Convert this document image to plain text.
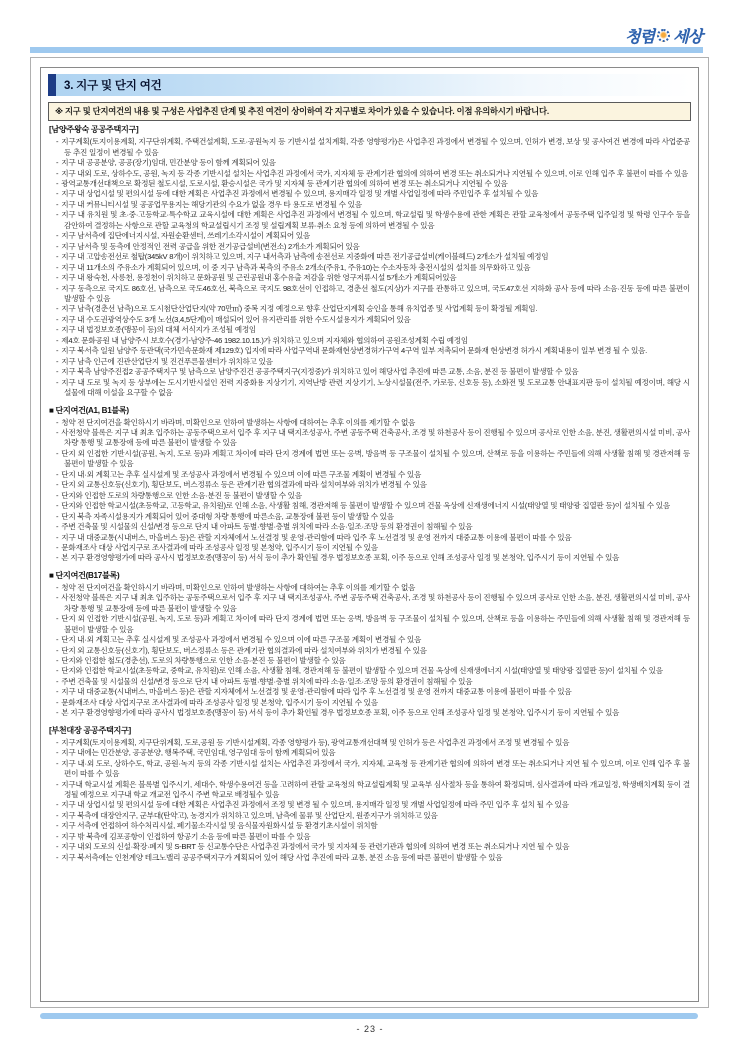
청렴 세상
3. 지구 및 단지 여건
※ 지구 및 단지여건의 내용 및 구성은 사업추진 단계 및 추진 여건이 상이하여 각 지구별로 차이가 있을 수 있습니다. 이점 유의하시기 바랍니다.
[남양주왕숙 공공주택지구]
- 지구계획(토지이용계획, 지구단위계획, 주택건설계획, 도로·공원녹지 등 기반시설 설치계획, 각종 영향평가)은 사업추진 과정에서 변경될 수 있으며, 인허가 변경, 보상 및 공사여건 변경에 따라 사업준공 등 추진 일정이 변경될 수 있음
- 지구 내 공공분양, 공공(장기)임대, 민간분양 등이 함께 계획되어 있음
- 지구 내외 도로, 상하수도, 공원, 녹지 등 각종 기반시설 설치는 사업추진 과정에서 국가, 지자체 등 관계기관 협의에 의하여 변경 또는 취소되거나 지연될 수 있으며, 이로 인해 입주 후 불편이 따를 수 있음
- 광역교통개선대책으로 확정된 철도시설, 도로시설, 환승시설은 국가 및 지자체 등 관계기관 협의에 의하여 변경 또는 취소되거나 지연될 수 있음
- 지구 내 상업시설 및 편의시설 등에 대한 계획은 사업추진 과정에서 변경될 수 있으며, 용지매각 일정 및 개별 사업일정에 따라 주민입주 후 설치될 수 있음
- 지구 내 커뮤니티시설 및 공공업무용지는 해당기관의 수요가 없을 경우 타 용도로 변경될 수 있음
- 지구 내 유치원 및 초·중·고등학교·특수학교 교육시설에 대한 계획은 사업추진 과정에서 변경될 수 있으며, 학교설립 및 학생수용에 관한 계획은 관할 교육청에서 공동주택 입주일정 및 학령 인구수 등을 감안하여 결정하는 사항으로 관할 교육청의 학교설립시기 조정 및 설립계획 보류·취소 요청 등에 의하여 변경될 수 있음
- 지구 남서측에 집단에너지시설, 자원순환센터, 쓰레기소각시설이 계획되어 있음
- 지구 남서측 및 동측에 안정적인 전력 공급을 위한 전기공급설비(변전소) 2개소가 계획되어 있음
- 지구 내 고압송전선로 철탑(345kV 8개)이 위치하고 있으며, 지구 내서측과 남측에 송전선로 지중화에 따른 전기공급설비(케이블헤드) 2개소가 설치될 예정임
- 지구 내 11개소의 주유소가 계획되어 있으며, 이 중 지구 남측과 북측의 주유소 2개소(주유1, 주유10)는 수소자동차 충전시설의 설치를 의무화하고 있음
- 지구 내 왕숙천, 사릉천, 용정천이 위치하고 문화공원 및 근린공원내 홍수유출 저감을 위한 영구저류시설 5개소가 계획되어있음
- 지구 동측으로 국지도 86호선, 남측으로 국도46호선, 북측으로 국지도 98호선이 인접하고, 경춘선 철도(지상)가 지구를 관통하고 있으며, 국도47호선 지하화 공사 등에 따라 소음·진동 등에 따른 불편이 발생할 수 있음
- 지구 남측(경춘선 남측)으로 도시첨단산업단지(약 70만㎡) 중복 지정 예정으로 향후 산업단지계획 승인을 통해 유치업종 및 사업계획 등이 확정될 계획임.
- 지구 내 수도권광역상수도 3개 노선(3,4,5단계)이 매설되어 있어 유지관리를 위한 수도시설용지가 계획되어 있음
- 지구 내 법정보호종(맹꽁이 등)의 대체 서식지가 조성될 예정임
- 제4호 문화공원 내 남양주시 보호수(경기-남양주-46 1982.10.15.)가 위치하고 있으며 지자체와 협의하여 공원조성계획 수립 예정임
- 지구 북서측 일원 남양주 동관댁(국가민속문화재 제129호) 입지에 따라 사업구역내 문화재현상변경허가구역 4구역 일부 저촉되어 문화재 현상변경 허가시 계획내용이 일부 변경 될 수 있음.
- 지구 남측 인근에 진관산업단지 및 진건푸른물센터가 위치하고 있음
- 지구 북측 남양주진접2 공공주택지구 및 남측으로 남양주진건 공공주택지구(지정중)가 위치하고 있어 해당사업 추진에 따른 교통, 소음, 분진 등 불편이 발생할 수 있음
- 지구 내 도로 및 녹지 등 상부에는 도시기반시설인 전력 지중화용 지상기기, 지역난방 관련 지상기기, 노상시설물(전주, 가로등, 신호등 등), 소화전 및 도로교통 안내표지판 등이 설치될 예정이며, 해당 시설물에 대해 이설을 요구할 수 없음
■ 단지여건(A1, B1블록)
- 청약 전 단지여건을 확인하시기 바라며, 미확인으로 인하여 발생하는 사항에 대하여는 추후 이의를 제기할 수 없음
- 사전청약 블록은 지구 내 최초 입주하는 공동주택으로서 입주 후 지구 내 택지조성공사, 주변 공동주택 건축공사, 조경 및 하천공사 등이 진행될 수 있으며 공사로 인한 소음, 분진, 생활편의시설 미비, 공사차량 통행 및 교통장애 등에 따른 불편이 발생할 수 있음
- 단지 외 인접한 기반시설(공원, 녹지, 도로 등)과 계획고 차이에 따라 단지 경계에 법면 또는 옹벽, 방음벽 등 구조물이 설치될 수 있으며, 산책로 등을 이용하는 주민들에 의해 사생활 침해 및 경관저해 등 불편이 발생할 수 있음
- 단지 내·외 계획고는 추후 실시설계 및 조성공사 과정에서 변경될 수 있으며 이에 따른 구조물 계획이 변경될 수 있음
- 단지 외 교통신호등(신호기), 횡단보도, 버스정류소 등은 관계기관 협의결과에 따라 설치여부와 위치가 변경될 수 있음
- 단지와 인접한 도로의 차량통행으로 인한 소음·분진 등 불편이 발생할 수 있음
- 단지와 인접한 학교시설(초등학교, 고등학교, 유치원)로 인해 소음, 사생활 침해, 경관저해 등 불편이 발생할 수 있으며 건물 옥상에 신재생에너지 시설(태양열 및 태양광 집열판 등)이 설치될 수 있음
- 단지 북측 자족시설용지가 계획되어 있어 중대형 차량 통행에 따른소음, 교통장애 불편 등이 발생할 수 있음
- 주변 건축물 및 시설물의 신설/변경 등으로 단지 내 아파트 동별·향별·층별 위치에 따라 소음·일조·조망 등의 환경권이 침해될 수 있음
- 지구 내 대중교통(시내버스, 마을버스 등)은 관할 지자체에서 노선결정 및 운영·관리함에 따라 입주 후 노선결정 및 운영 전까지 대중교통 이용에 불편이 따를 수 있음
- 문화재조사 대상 사업지구로 조사결과에 따라 조성공사 일정 및 본청약, 입주시기 등이 지연될 수 있음
- 본 지구 환경영향평가에 따라 공사시 법정보호종(맹꽁이 등) 서식 등이 추가 확인될 경우 법정보호종 포획, 이주 등으로 인해 조성공사 일정 및 본청약, 입주시기 등이 지연될 수 있음
■ 단지여건(B17블록)
- 청약 전 단지여건을 확인하시기 바라며, 미확인으로 인하여 발생하는 사항에 대하여는 추후 이의를 제기할 수 없음
- 사전청약 블록은 지구 내 최초 입주하는 공동주택으로서 입주 후 지구 내 택지조성공사, 주변 공동주택 건축공사, 조경 및 하천공사 등이 진행될 수 있으며 공사로 인한 소음, 분진, 생활편의시설 미비, 공사차량 통행 및 교통장애 등에 따른 불편이 발생할 수 있음
- 단지 외 인접한 기반시설(공원, 녹지, 도로 등)과 계획고 차이에 따라 단지 경계에 법면 또는 옹벽, 방음벽 등 구조물이 설치될 수 있으며, 산책로 등을 이용하는 주민들에 의해 사생활 침해 및 경관저해 등 불편이 발생할 수 있음
- 단지 내·외 계획고는 추후 실시설계 및 조성공사 과정에서 변경될 수 있으며 이에 따른 구조물 계획이 변경될 수 있음
- 단지 외 교통신호등(신호기), 횡단보도, 버스정류소 등은 관계기관 협의결과에 따라 설치여부와 위치가 변경될 수 있음
- 단지와 인접한 철도(경춘선), 도로의 차량통행으로 인한 소음·분진 등 불편이 발생할 수 있음
- 단지와 인접한 학교시설(초등학교, 중학교, 유치원)로 인해 소음, 사생활 침해, 경관저해 등 불편이 발생할 수 있으며 건물 옥상에 신재생에너지 시설(태양열 및 태양광 집열판 등)이 설치될 수 있음
- 주변 건축물 및 시설물의 신설/변경 등으로 단지 내 아파트 동별·향별·층별 위치에 따라 소음·일조·조망 등의 환경권이 침해될 수 있음
- 지구 내 대중교통(시내버스, 마을버스 등)은 관할 지자체에서 노선결정 및 운영·관리함에 따라 입주 후 노선결정 및 운영 전까지 대중교통 이용에 불편이 따를 수 있음
- 문화재조사 대상 사업지구로 조사결과에 따라 조성공사 일정 및 본청약, 입주시기 등이 지연될 수 있음
- 본 지구 환경영향평가에 따라 공사시 법정보호종(맹꽁이 등) 서식 등이 추가 확인될 경우 법정보호종 포획, 이주 등으로 인해 조성공사 일정 및 본청약, 입주시기 등이 지연될 수 있음
[부천대장 공공주택지구]
- 지구계획(토지이용계획, 지구단위계획, 도로,공원 등 기반시설계획, 각종 영향평가 등), 광역교통개선대책 및 인허가 등은 사업추진 과정에서 조정 및 변경될 수 있음
- 지구 내에는 민간분양, 공공분양, 행복주택, 국민임대, 영구임대 등이 함께 계획되어 있음
- 지구 내·외 도로, 상하수도, 학교, 공원·녹지 등의 각종 기반시설 설치는 사업추진 과정에서 국가, 지자체, 교육청 등 관계기관 협의에 의하여 변경 또는 취소되거나 지연 될 수 있으며, 이로 인해 입주 후 불편이 따를 수 있음
- 지구내 학교시설 계획은 블록별 입주시기, 세대수, 학생수용여건 등을 고려하여 관할 교육청의 학교설립계획 및 교육부 심사절차 등을 통하여 확정되며, 심사결과에 따라 개교일정, 학생배치계획 등이 결정될 예정으로 지구내 학교 개교전 입주시 주변 학교로 배정될수 있음
- 지구 내 상업시설 및 편의시설 등에 대한 계획은 사업추진 과정에서 조정 및 변경 될 수 있으며, 용지매각 일정 및 개별 사업일정에 따라 주민 입주 후 설치 될 수 있음
- 지구 북측에 대장안지구, 군부대(탄약고), 농경지가 위치하고 있으며, 남측에 물류 및 산업단지, 원종지구가 위치하고 있음
- 지구 서측에 연접하여 하수처리시설, 폐기물소각시설 및 음식물자원화시설 등 환경기초시설이 위치함
- 지구 밖 북측에 김포공항이 인접하여 항공기 소음 등에 따른 불편이 따를 수 있음
- 지구 내외 도로의 신설·확장·폐지 및 S-BRT 등 신교통수단은 사업추진 과정에서 국가 및 지자체 등 관련기관과 협의에 의하여 변경 또는 취소되거나 지연 될 수 있음
- 지구 북서측에는 인천계양 테크노밸리 공공주택지구가 계획되어 있어 해당 사업 추진에 따라 교통, 분진 소음 등에 따른 불편이 발생할 수 있음
- 23 -
